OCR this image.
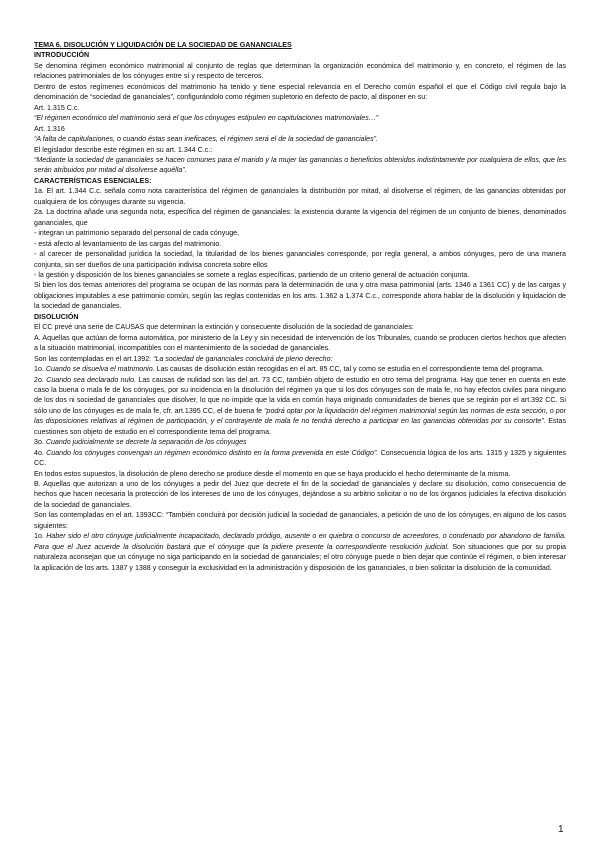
TEMA 6. DISOLUCIÓN Y LIQUIDACIÓN DE LA SOCIEDAD DE GANANCIALES

INTRODUCCIÓN

Se denomina régimen económico matrimonial al conjunto de reglas que determinan la organización económica del matrimonio y, en concreto, el régimen de las relaciones patrimoniales de los cónyuges entre sí y respecto de terceros.

Dentro de estos regímenes económicos del matrimonio ha tenido y tiene especial relevancia en el Derecho común español el que el Código civil regula bajo la denominación de “sociedad de gananciales”, configurándolo como régimen supletorio en defecto de pacto, al disponer en su:

Art. 1.315 C.c.

“El régimen económico del matrimonio será el que los cónyuges estipulen en capitulaciones matrimoniales…”

Art. 1.316

“A falta de capitulaciones, o cuando éstas sean ineficaces, el régimen será el de la sociedad de gananciales”.

El legislador describe este régimen en su art. 1.344 C.c.:

“Mediante la sociedad de gananciales se hacen comunes para el marido y la mujer las ganancias o beneficios obtenidos indistintamente por cualquiera de ellos, que les serán atribuidos por mitad al disolverse aquélla”.

CARACTERÍSTICAS ESENCIALES:

1a. El art. 1.344 C.c. señala como nota característica del régimen de gananciales la distribución por mitad, al disolverse el régimen, de las ganancias obtenidas por cualquiera de los cónyuges durante su vigencia.

2a. La doctrina añade una segunda nota, específica del régimen de gananciales: la existencia durante la vigencia del régimen de un conjunto de bienes, denominados gananciales, que

- integran un patrimonio separado del personal de cada cónyuge,

- está afecto al levantamiento de las cargas del matrimonio.

- al carecer de personalidad jurídica la sociedad, la titularidad de los bienes gananciales corresponde, por regla general, a ambos cónyuges, pero de una manera conjunta, sin ser dueños de una participación indivisa concreta sobre ellos

- la gestión y disposición de los bienes gananciales se somete a reglas específicas, partiendo de un criterio general de actuación conjunta.

Si bien los dos temas anteriores del programa se ocupan de las normas para la determinación de una y otra masa patrimonial (arts. 1346 a 1361 CC) y de las cargas y obligaciones imputables a ese patrimonio común, según las reglas contenidas en los arts. 1.362 a 1.374 C.c., corresponde ahora hablar de la disolución y liquidación de la sociedad de gananciales.

DISOLUCIÓN

El CC prevé una serie de CAUSAS que determinan la extinción y consecuente disolución de la sociedad de gananciales:

A. Aquellas que actúan de forma automática, por ministerio de la Ley y sin necesidad de intervención de los Tribunales, cuando se producen ciertos hechos que afecten a la situación matrimonial, incompatibles con el mantenimiento de la sociedad de gananciales.

Son las contempladas en el art.1392: “La sociedad de gananciales concluirá de pleno derecho:

1o. Cuando se disuelva el matrimonio. Las causas de disolución están recogidas en el art. 85 CC, tal y como se estudia en el correspondiente tema del programa.

2o. Cuando sea declarado nulo. Las causas de nulidad son las del art. 73 CC, también objeto de estudio en otro tema del programa. Hay que tener en cuenta en este caso la buena o mala fe de los cónyuges, por su incidencia en la disolución del régimen ya que si los dos cónyuges son de mala fe, no hay efectos civiles para ninguno de los dos ni sociedad de gananciales que disolver, lo que no impide que la vida en común haya originado comunidades de bienes que se regirán por el art.392 CC. Si sólo uno de los cónyuges es de mala fe, cfr. art.1395 CC, el de buena fe “podrá optar por la liquidación del régimen matrimonial según las normas de esta sección, o por las disposiciones relativas al régimen de participación, y el contrayente de mala fe no tendrá derecho a participar en las ganancias obtenidas por su consorte”. Estas cuestiones son objeto de estudio en el correspondiente tema del programa.

3o. Cuando judicialmente se decrete la separación de los cónyuges

4o. Cuando los cónyuges convengan un régimen económico distinto en la forma prevenida en este Código”. Consecuencia lógica de los arts. 1315 y 1325 y siguientes CC.

En todos estos supuestos, la disolución de pleno derecho se produce desde el momento en que se haya producido el hecho determinante de la misma.

B. Aquellas que autorizan a uno de los cónyuges a pedir del Juez que decrete el fin de la sociedad de gananciales y declare su disolución, como consecuencia de hechos que hacen necesaria la protección de los intereses de uno de los cónyuges, dejándose a su arbitrio solicitar o no de los órganos judiciales la efectiva disolución de la sociedad de gananciales.

Son las contempladas en el art. 1393CC: “También concluirá por decisión judicial la sociedad de gananciales, a petición de uno de los cónyuges, en alguno de los casos siguientes:

1o. Haber sido el otro cónyuge judicialmente incapacitado, declarado pródigo, ausente o en quiebra o concurso de acreedores, o condenado por abandono de familia. Para que el Juez acuerde la disolución bastará que el cónyuge que la pidiere presente la correspondiente resolución judicial. Son situaciones que por su propia naturaleza aconsejan que un cónyuge no siga participando en la sociedad de gananciales; el otro cónyuge puede o bien dejar que continúe el régimen, o bien interesar la aplicación de los arts. 1387 y 1388 y conseguir la exclusividad en la administración y disposición de los gananciales, o bien solicitar la disolución de la comunidad.

1
